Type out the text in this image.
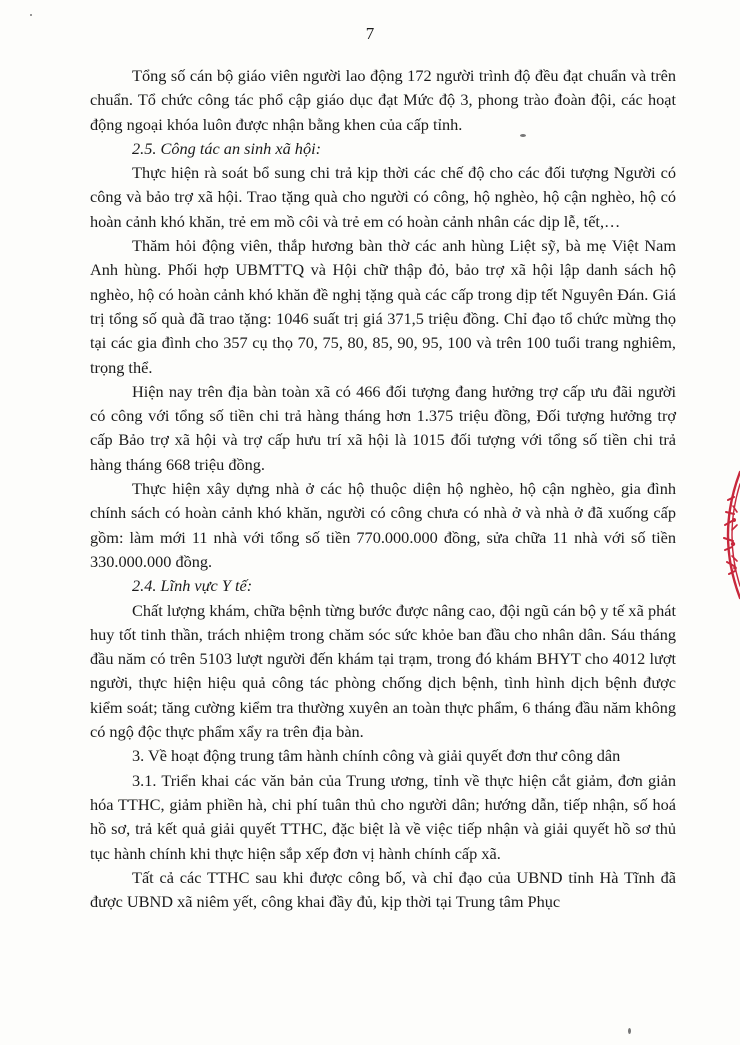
7

Tổng số cán bộ giáo viên người lao động 172 người trình độ đều đạt chuẩn và trên chuẩn. Tổ chức công tác phổ cập giáo dục đạt Mức độ 3, phong trào đoàn đội, các hoạt động ngoại khóa luôn được nhận bằng khen của cấp tỉnh.

2.5. Công tác an sinh xã hội:

Thực hiện rà soát bổ sung chi trả kịp thời các chế độ cho các đối tượng Người có công và bảo trợ xã hội. Trao tặng quà cho người có công, hộ nghèo, hộ cận nghèo, hộ có hoàn cảnh khó khăn, trẻ em mồ côi và trẻ em có hoàn cảnh nhân các dịp lễ, tết,…

Thăm hỏi động viên, thắp hương bàn thờ các anh hùng Liệt sỹ, bà mẹ Việt Nam Anh hùng. Phối hợp UBMTTQ và Hội chữ thập đỏ, bảo trợ xã hội lập danh sách hộ nghèo, hộ có hoàn cảnh khó khăn đề nghị tặng quà các cấp trong dịp tết Nguyên Đán. Giá trị tổng số quà đã trao tặng: 1046 suất trị giá 371,5 triệu đồng. Chỉ đạo tổ chức mừng thọ tại các gia đình cho 357 cụ thọ 70, 75, 80, 85, 90, 95, 100 và trên 100 tuổi trang nghiêm, trọng thể.

Hiện nay trên địa bàn toàn xã có 466 đối tượng đang hưởng trợ cấp ưu đãi người có công với tổng số tiền chi trả hàng tháng hơn 1.375 triệu đồng, Đối tượng hưởng trợ cấp Bảo trợ xã hội và trợ cấp hưu trí xã hội là 1015 đối tượng với tổng số tiền chi trả hàng tháng 668 triệu đồng.

Thực hiện xây dựng nhà ở các hộ thuộc diện hộ nghèo, hộ cận nghèo, gia đình chính sách có hoàn cảnh khó khăn, người có công chưa có nhà ở và nhà ở đã xuống cấp gồm: làm mới 11 nhà với tổng số tiền 770.000.000 đồng, sửa chữa 11 nhà với số tiền 330.000.000 đồng.

2.4. Lĩnh vực Y tế:

Chất lượng khám, chữa bệnh từng bước được nâng cao, đội ngũ cán bộ y tế xã phát huy tốt tinh thần, trách nhiệm trong chăm sóc sức khỏe ban đầu cho nhân dân. Sáu tháng đầu năm có trên 5103 lượt người đến khám tại trạm, trong đó khám BHYT cho 4012 lượt người, thực hiện hiệu quả công tác phòng chống dịch bệnh, tình hình dịch bệnh được kiểm soát; tăng cường kiểm tra thường xuyên an toàn thực phẩm, 6 tháng đầu năm không có ngộ độc thực phẩm xẩy ra trên địa bàn.

3. Về hoạt động trung tâm hành chính công và giải quyết đơn thư công dân

3.1. Triển khai các văn bản của Trung ương, tỉnh về thực hiện cắt giảm, đơn giản hóa TTHC, giảm phiền hà, chi phí tuân thủ cho người dân; hướng dẫn, tiếp nhận, số hoá hồ sơ, trả kết quả giải quyết TTHC, đặc biệt là về việc tiếp nhận và giải quyết hồ sơ thủ tục hành chính khi thực hiện sắp xếp đơn vị hành chính cấp xã.

Tất cả các TTHC sau khi được công bố, và chỉ đạo của UBND tỉnh Hà Tĩnh đã được UBND xã niêm yết, công khai đầy đủ, kịp thời tại Trung tâm Phục
